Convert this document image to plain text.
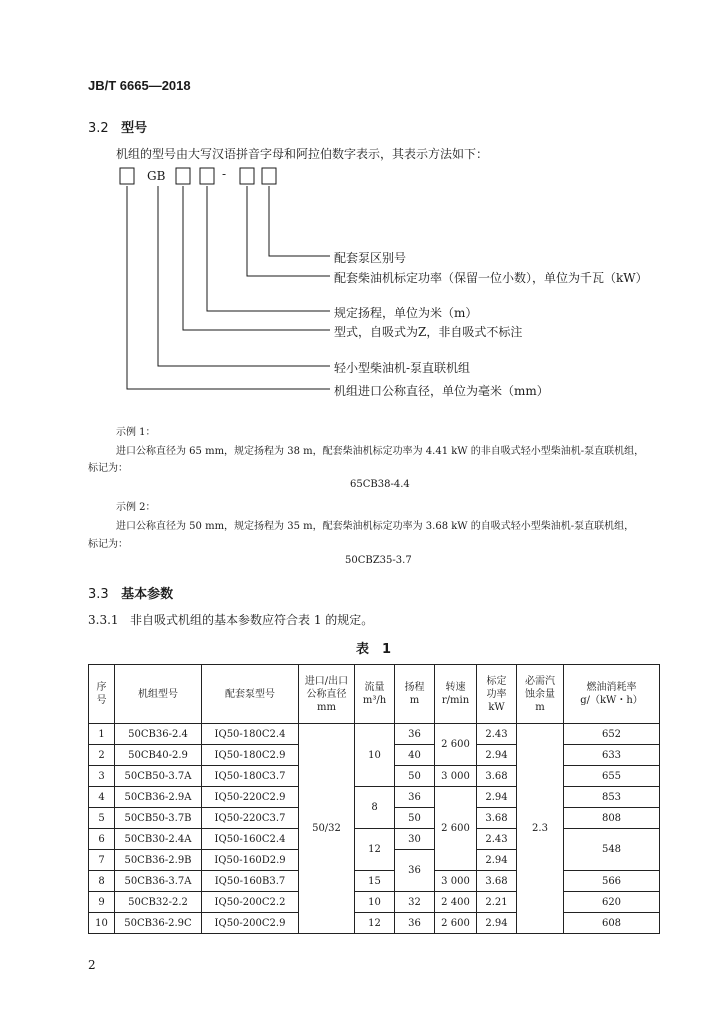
JB/T 6665—2018
3.2 型号
机组的型号由大写汉语拼音字母和阿拉伯数字表示，其表示方法如下：
GB	-
配套泵区别号
配套柴油机标定功率（保留一位小数），单位为千瓦（kW）
规定扬程，单位为米（m）
型式，自吸式为Z，非自吸式不标注
轻小型柴油机-泵直联机组
机组进口公称直径，单位为毫米（mm）
示例 1：
进口公称直径为 65 mm，规定扬程为 38 m，配套柴油机标定功率为 4.41 kW 的非自吸式轻小型柴油机-泵直联机组，
标记为：
65CB38-4.4
示例 2：
进口公称直径为 50 mm，规定扬程为 35 m，配套柴油机标定功率为 3.68 kW 的自吸式轻小型柴油机-泵直联机组，
标记为：
50CBZ35-3.7
3.3 基本参数
3.3.1 非自吸式机组的基本参数应符合表 1 的规定。
表　1
序
号	机组型号	配套泵型号	进口/出口
公称直径
mm	流量
m³/h	扬程
m	转速
r/min	标定
功率
kW	必需汽
蚀余量
m	燃油消耗率
g/（kW・h）
1	50CB36-2.4	IQ50-180C2.4	50/32	10	36	2 600	2.43	2.3	652
2	50CB40-2.9	IQ50-180C2.9			40		2.94		633
3	50CB50-3.7A	IQ50-180C3.7			50	3 000	3.68		655
4	50CB36-2.9A	IQ50-220C2.9		8	36	2 600	2.94		853
5	50CB50-3.7B	IQ50-220C3.7			50		3.68		808
6	50CB30-2.4A	IQ50-160C2.4		12	30		2.43		548
7	50CB36-2.9B	IQ50-160D2.9			36		2.94		
8	50CB36-3.7A	IQ50-160B3.7		15		3 000	3.68		566
9	50CB32-2.2	IQ50-200C2.2		10	32	2 400	2.21		620
10	50CB36-2.9C	IQ50-200C2.9		12	36	2 600	2.94		608
2
